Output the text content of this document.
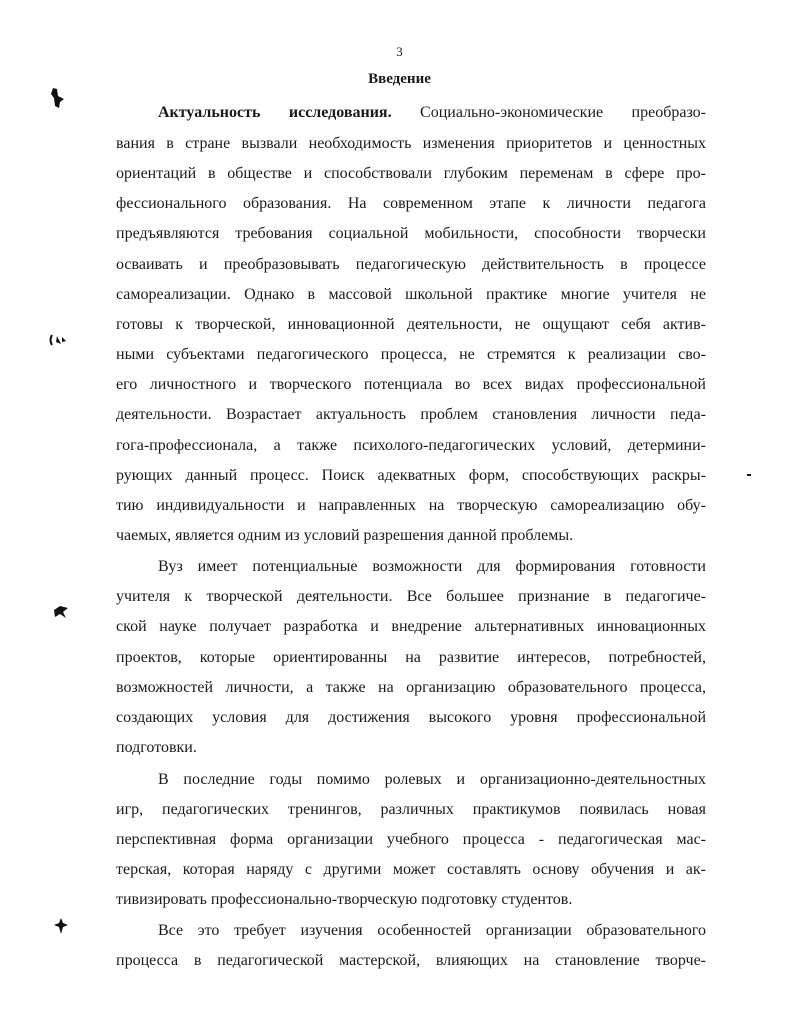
3
Введение
Актуальность исследования. Социально-экономические преобразо-
вания в стране вызвали необходимость изменения приоритетов и ценностных
ориентаций в обществе и способствовали глубоким переменам в сфере про-
фессионального образования. На современном этапе к личности педагога
предъявляются требования социальной мобильности, способности творчески
осваивать и преобразовывать педагогическую действительность в процессе
самореализации. Однако в массовой школьной практике многие учителя не
готовы к творческой, инновационной деятельности, не ощущают себя актив-
ными субъектами педагогического процесса, не стремятся к реализации сво-
его личностного и творческого потенциала во всех видах профессиональной
деятельности. Возрастает актуальность проблем становления личности педа-
гога-профессионала, а также психолого-педагогических условий, детермини-
рующих данный процесс. Поиск адекватных форм, способствующих раскры-
тию индивидуальности и направленных на творческую самореализацию обу-
чаемых, является одним из условий разрешения данной проблемы.
Вуз имеет потенциальные возможности для формирования готовности
учителя к творческой деятельности. Все большее признание в педагогиче-
ской науке получает разработка и внедрение альтернативных инновационных
проектов, которые ориентированны на развитие интересов, потребностей,
возможностей личности, а также на организацию образовательного процесса,
создающих условия для достижения высокого уровня профессиональной
подготовки.
В последние годы помимо ролевых и организационно-деятельностных
игр, педагогических тренингов, различных практикумов появилась новая
перспективная форма организации учебного процесса - педагогическая мас-
терская, которая наряду с другими может составлять основу обучения и ак-
тивизировать профессионально-творческую подготовку студентов.
Все это требует изучения особенностей организации образовательного
процесса в педагогической мастерской, влияющих на становление творче-
